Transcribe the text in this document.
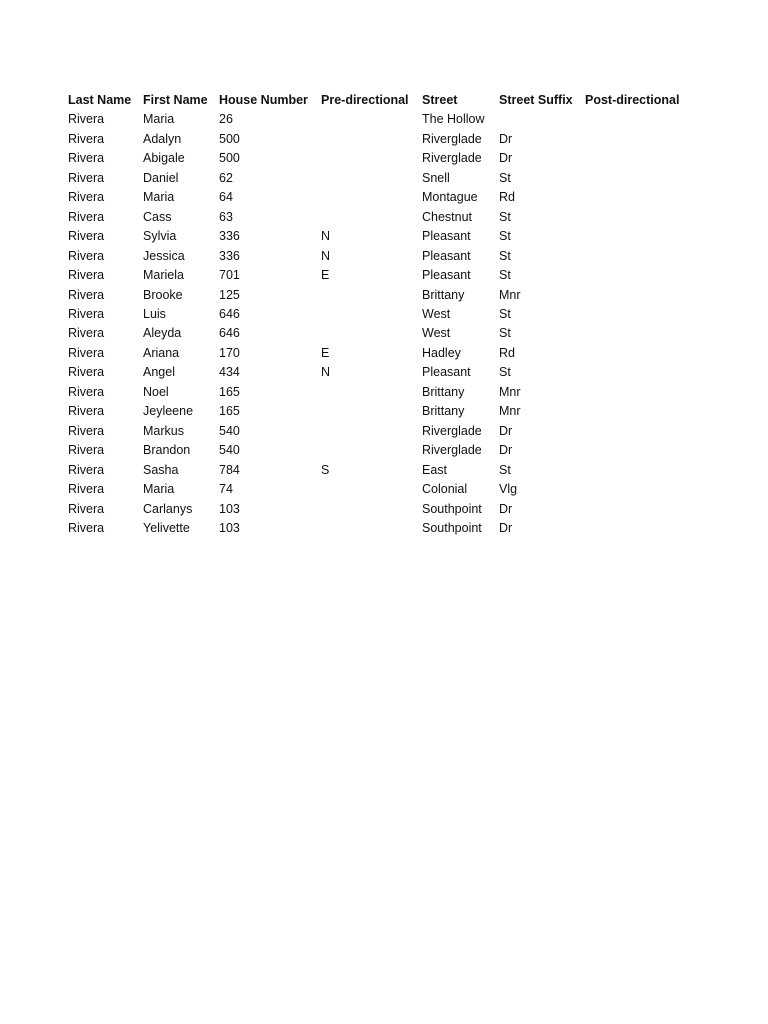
Last Name	First Name	House Number	Pre-directional	Street	Street Suffix	Post-directional
Rivera	Maria	26		The Hollow		
Rivera	Adalyn	500		Riverglade	Dr	
Rivera	Abigale	500		Riverglade	Dr	
Rivera	Daniel	62		Snell	St	
Rivera	Maria	64		Montague	Rd	
Rivera	Cass	63		Chestnut	St	
Rivera	Sylvia	336	N	Pleasant	St	
Rivera	Jessica	336	N	Pleasant	St	
Rivera	Mariela	701	E	Pleasant	St	
Rivera	Brooke	125		Brittany	Mnr	
Rivera	Luis	646		West	St	
Rivera	Aleyda	646		West	St	
Rivera	Ariana	170	E	Hadley	Rd	
Rivera	Angel	434	N	Pleasant	St	
Rivera	Noel	165		Brittany	Mnr	
Rivera	Jeyleene	165		Brittany	Mnr	
Rivera	Markus	540		Riverglade	Dr	
Rivera	Brandon	540		Riverglade	Dr	
Rivera	Sasha	784	S	East	St	
Rivera	Maria	74		Colonial	Vlg	
Rivera	Carlanys	103		Southpoint	Dr	
Rivera	Yelivette	103		Southpoint	Dr	
